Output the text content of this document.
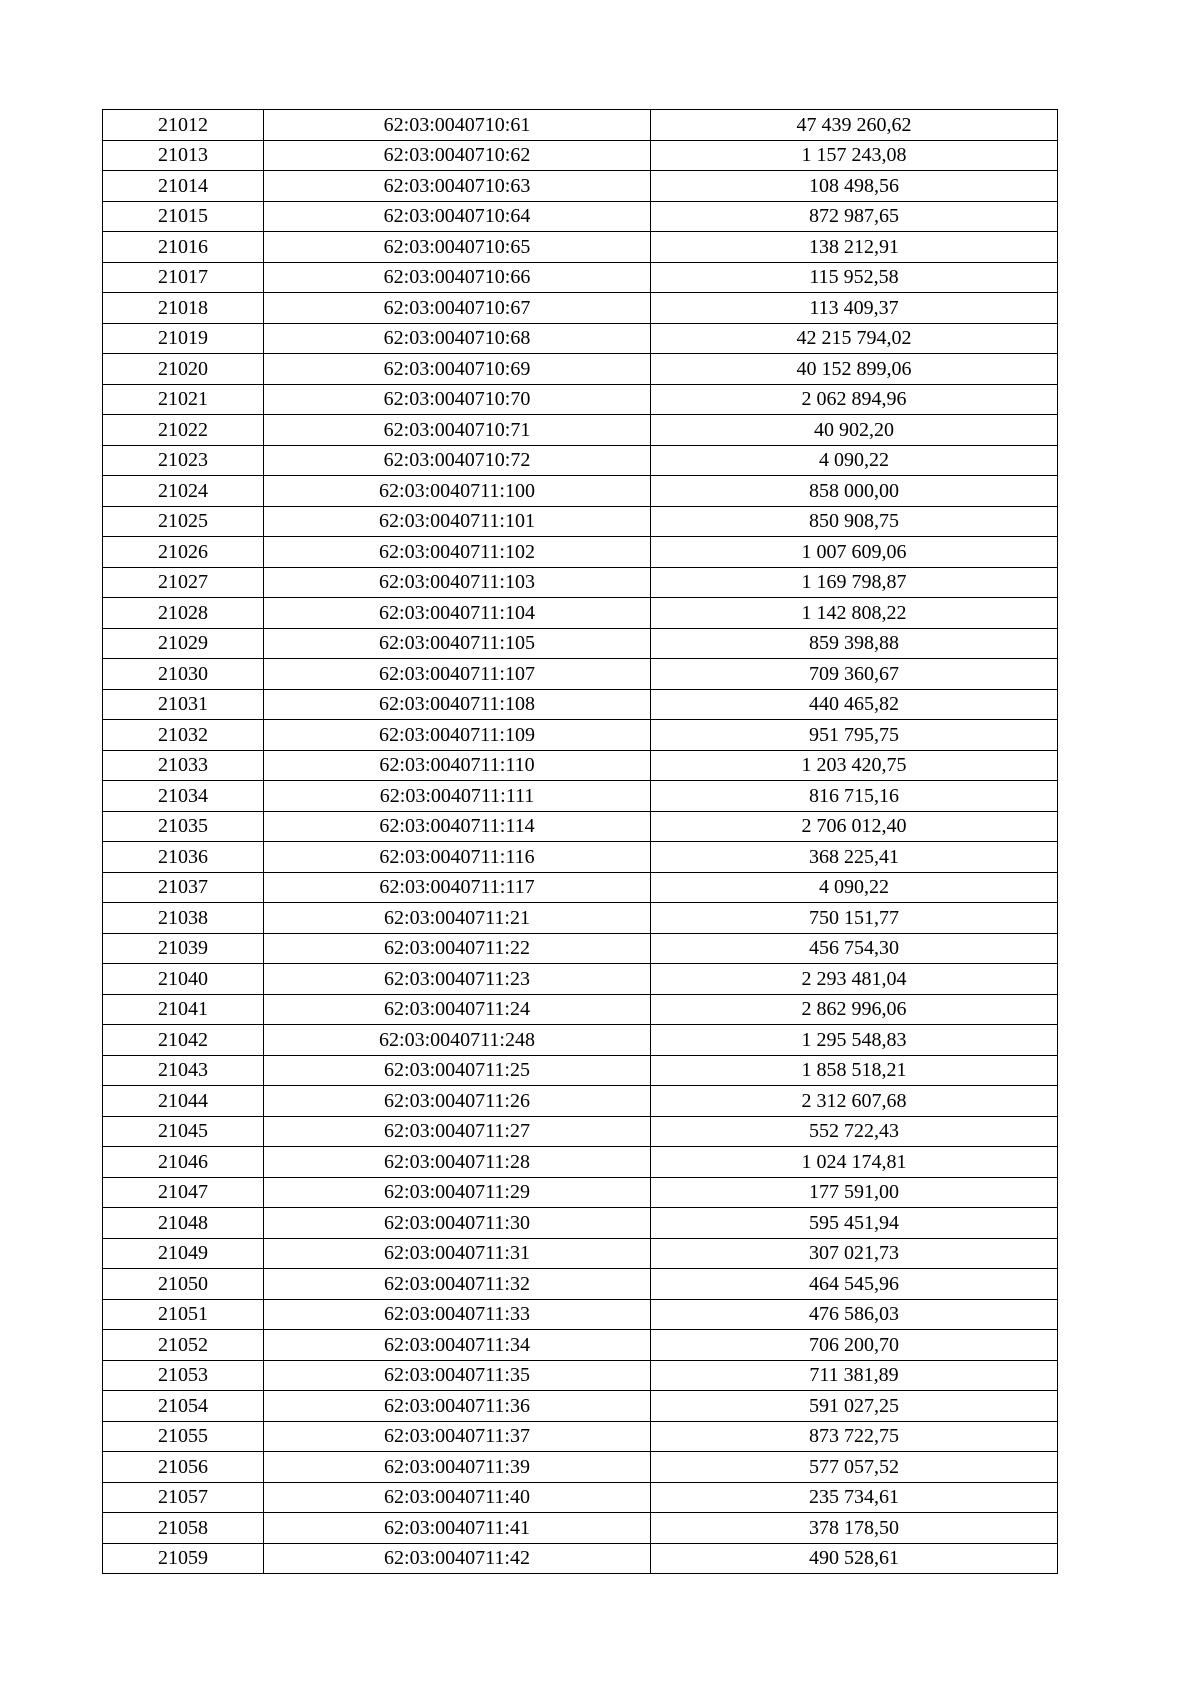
21012	62:03:0040710:61	47 439 260,62
21013	62:03:0040710:62	1 157 243,08
21014	62:03:0040710:63	108 498,56
21015	62:03:0040710:64	872 987,65
21016	62:03:0040710:65	138 212,91
21017	62:03:0040710:66	115 952,58
21018	62:03:0040710:67	113 409,37
21019	62:03:0040710:68	42 215 794,02
21020	62:03:0040710:69	40 152 899,06
21021	62:03:0040710:70	2 062 894,96
21022	62:03:0040710:71	40 902,20
21023	62:03:0040710:72	4 090,22
21024	62:03:0040711:100	858 000,00
21025	62:03:0040711:101	850 908,75
21026	62:03:0040711:102	1 007 609,06
21027	62:03:0040711:103	1 169 798,87
21028	62:03:0040711:104	1 142 808,22
21029	62:03:0040711:105	859 398,88
21030	62:03:0040711:107	709 360,67
21031	62:03:0040711:108	440 465,82
21032	62:03:0040711:109	951 795,75
21033	62:03:0040711:110	1 203 420,75
21034	62:03:0040711:111	816 715,16
21035	62:03:0040711:114	2 706 012,40
21036	62:03:0040711:116	368 225,41
21037	62:03:0040711:117	4 090,22
21038	62:03:0040711:21	750 151,77
21039	62:03:0040711:22	456 754,30
21040	62:03:0040711:23	2 293 481,04
21041	62:03:0040711:24	2 862 996,06
21042	62:03:0040711:248	1 295 548,83
21043	62:03:0040711:25	1 858 518,21
21044	62:03:0040711:26	2 312 607,68
21045	62:03:0040711:27	552 722,43
21046	62:03:0040711:28	1 024 174,81
21047	62:03:0040711:29	177 591,00
21048	62:03:0040711:30	595 451,94
21049	62:03:0040711:31	307 021,73
21050	62:03:0040711:32	464 545,96
21051	62:03:0040711:33	476 586,03
21052	62:03:0040711:34	706 200,70
21053	62:03:0040711:35	711 381,89
21054	62:03:0040711:36	591 027,25
21055	62:03:0040711:37	873 722,75
21056	62:03:0040711:39	577 057,52
21057	62:03:0040711:40	235 734,61
21058	62:03:0040711:41	378 178,50
21059	62:03:0040711:42	490 528,61
